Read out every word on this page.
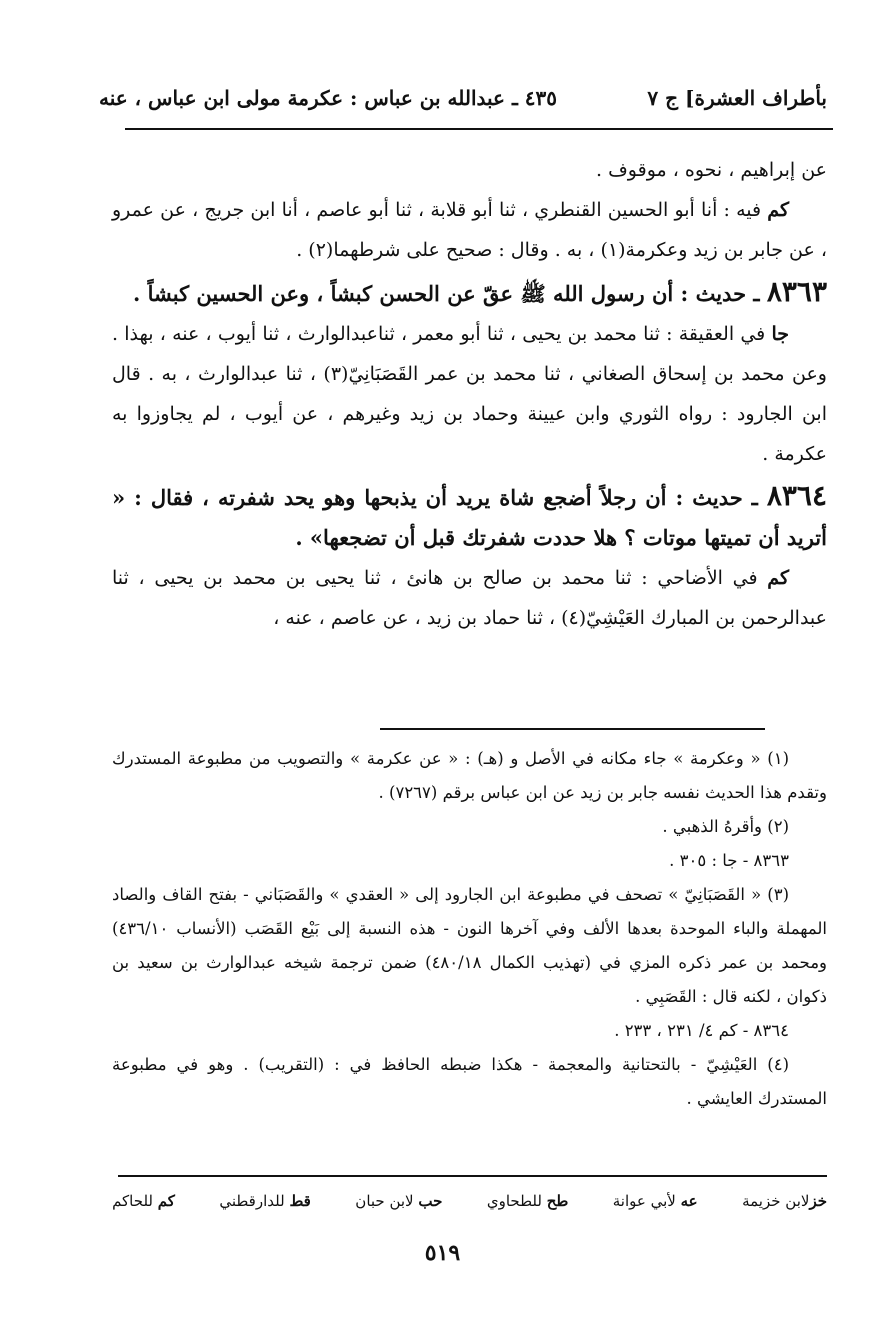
بأطراف العشرة] ج ٧
٤٣٥ ـ عبدالله بن عباس : عكرمة مولى ابن عباس ، عنه

عن إبراهيم ، نحوه ، موقوف .

كم فيه : أنا أبو الحسين القنطري ، ثنا أبو قلابة ، ثنا أبو عاصم ، أنا ابن جريج ، عن عمرو ، عن جابر بن زيد وعكرمة(١) ، به . وقال : صحيح على شرطهما(٢) .

٨٣٦٣ ـ حديث : أن رسول الله ﷺ عقّ عن الحسن كبشاً ، وعن الحسين كبشاً .

جا في العقيقة : ثنا محمد بن يحيى ، ثنا أبو معمر ، ثناعبدالوارث ، ثنا أيوب ، عنه ، بهذا . وعن محمد بن إسحاق الصغاني ، ثنا محمد بن عمر القَصَبَانِيّ(٣) ، ثنا عبدالوارث ، به . قال ابن الجارود : رواه الثوري وابن عيينة وحماد بن زيد وغيرهم ، عن أيوب ، لم يجاوزوا به عكرمة .

٨٣٦٤ ـ حديث : أن رجلاً أضجع شاة يريد أن يذبحها وهو يحد شفرته ، فقال : « أتريد أن تميتها موتات ؟ هلا حددت شفرتك قبل أن تضجعها» .

كم في الأضاحي : ثنا محمد بن صالح بن هانئ ، ثنا يحيى بن محمد بن يحيى ، ثنا عبدالرحمن بن المبارك العَيْشِيّ(٤) ، ثنا حماد بن زيد ، عن عاصم ، عنه ،

(١) « وعكرمة » جاء مكانه في الأصل و (هـ) : « عن عكرمة » والتصويب من مطبوعة المستدرك وتقدم هذا الحديث نفسه جابر بن زيد عن ابن عباس برقم (٧٢٦٧) .

(٢) وأقرهُ الذهبي .

٨٣٦٣ - جا : ٣٠٥ .

(٣) « القَصَبَانِيّ » تصحف في مطبوعة ابن الجارود إلى « العقدي » والقَصَبَاني - بفتح القاف والصاد المهملة والباء الموحدة بعدها الألف وفي آخرها النون - هذه النسبة إلى بَيْع القَصَب (الأنساب ٤٣٦/١٠) ومحمد بن عمر ذكره المزي في (تهذيب الكمال ٤٨٠/١٨) ضمن ترجمة شيخه عبدالوارث بن سعيد بن ذكوان ، لكنه قال : القَصَبِي .

٨٣٦٤ - كم ٤/ ٢٣١ ، ٢٣٣ .

(٤) العَيْشِيّ - بالتحتانية والمعجمة - هكذا ضبطه الحافظ في : (التقريب) . وهو في مطبوعة المستدرك العايشي .

خزلابن خزيمة
عه لأبي عوانة
طح للطحاوي
حب لابن حبان
قط للدارقطني
كم للحاكم
٥١٩
